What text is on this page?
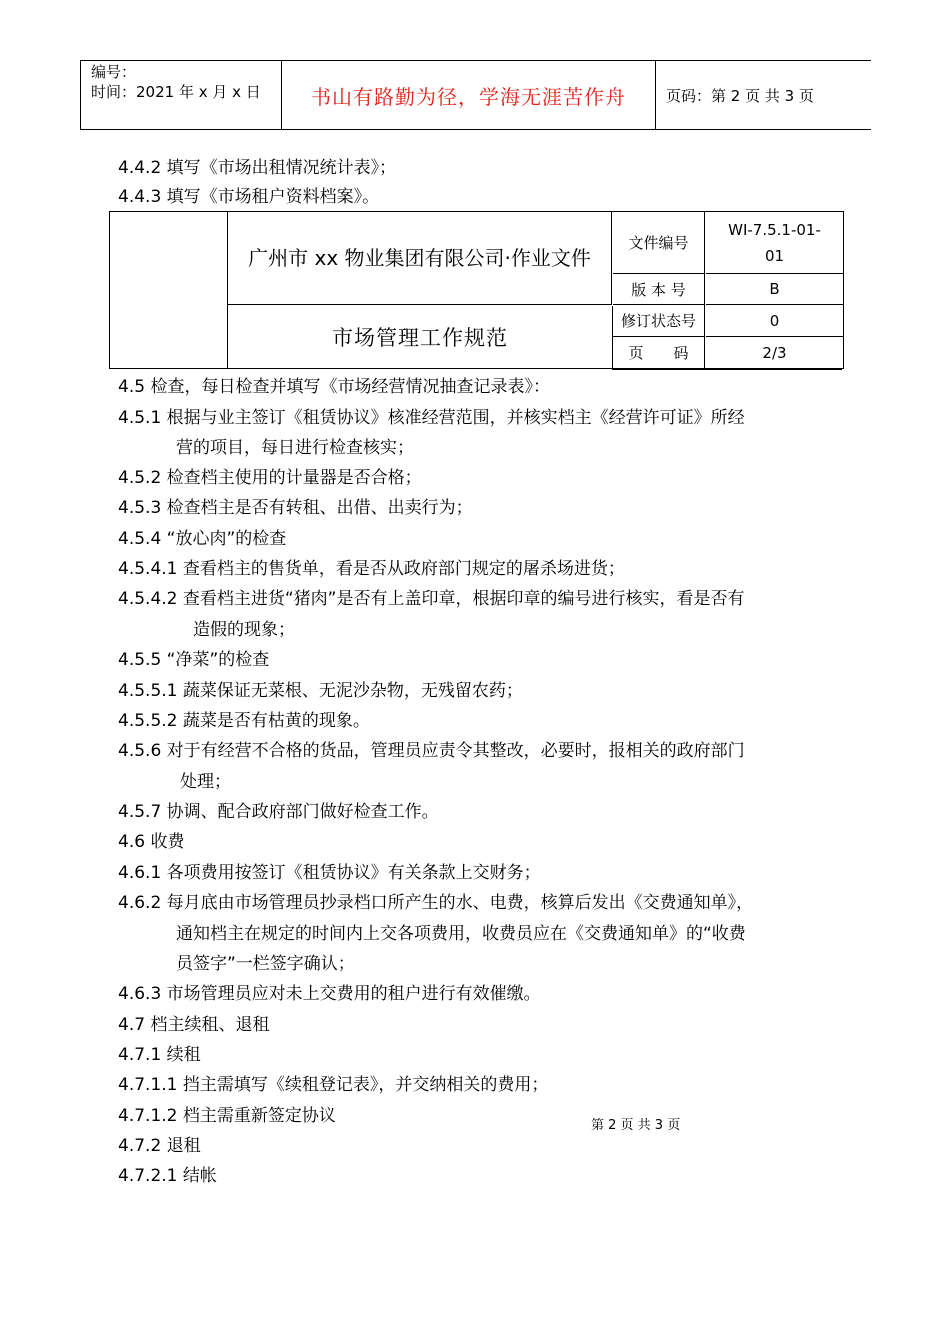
编号：
时间：2021 年 x 月 x 日	书山有路勤为径，学海无涯苦作舟	页码：第 2 页 共 3 页
4.4.2 填写《市场出租情况统计表》；
4.4.3 填写《市场租户资料档案》。
广州市 xx 物业集团有限公司·作业文件
市场管理工作规范
文件编号
WI-7.5.1-01-01
版 本 号	B
修订状态号	0
页　　码	2/3
4.5 检查，每日检查并填写《市场经营情况抽查记录表》：
4.5.1 根据与业主签订《租赁协议》核准经营范围，并核实档主《经营许可证》所经
营的项目，每日进行检查核实；
4.5.2 检查档主使用的计量器是否合格；
4.5.3 检查档主是否有转租、出借、出卖行为；
4.5.4 “放心肉”的检查
4.5.4.1 查看档主的售货单，看是否从政府部门规定的屠杀场进货；
4.5.4.2 查看档主进货“猪肉”是否有上盖印章，根据印章的编号进行核实，看是否有
造假的现象；
4.5.5 “净菜”的检查
4.5.5.1 蔬菜保证无菜根、无泥沙杂物，无残留农药；
4.5.5.2 蔬菜是否有枯黄的现象。
4.5.6 对于有经营不合格的货品，管理员应责令其整改，必要时，报相关的政府部门
处理；
4.5.7 协调、配合政府部门做好检查工作。
4.6 收费
4.6.1 各项费用按签订《租赁协议》有关条款上交财务；
4.6.2 每月底由市场管理员抄录档口所产生的水、电费，核算后发出《交费通知单》，
通知档主在规定的时间内上交各项费用，收费员应在《交费通知单》的“收费
员签字”一栏签字确认；
4.6.3 市场管理员应对未上交费用的租户进行有效催缴。
4.7 档主续租、退租
4.7.1 续租
4.7.1.1 挡主需填写《续租登记表》，并交纳相关的费用；
4.7.1.2 档主需重新签定协议
4.7.2 退租
4.7.2.1 结帐
第 2 页 共 3 页
